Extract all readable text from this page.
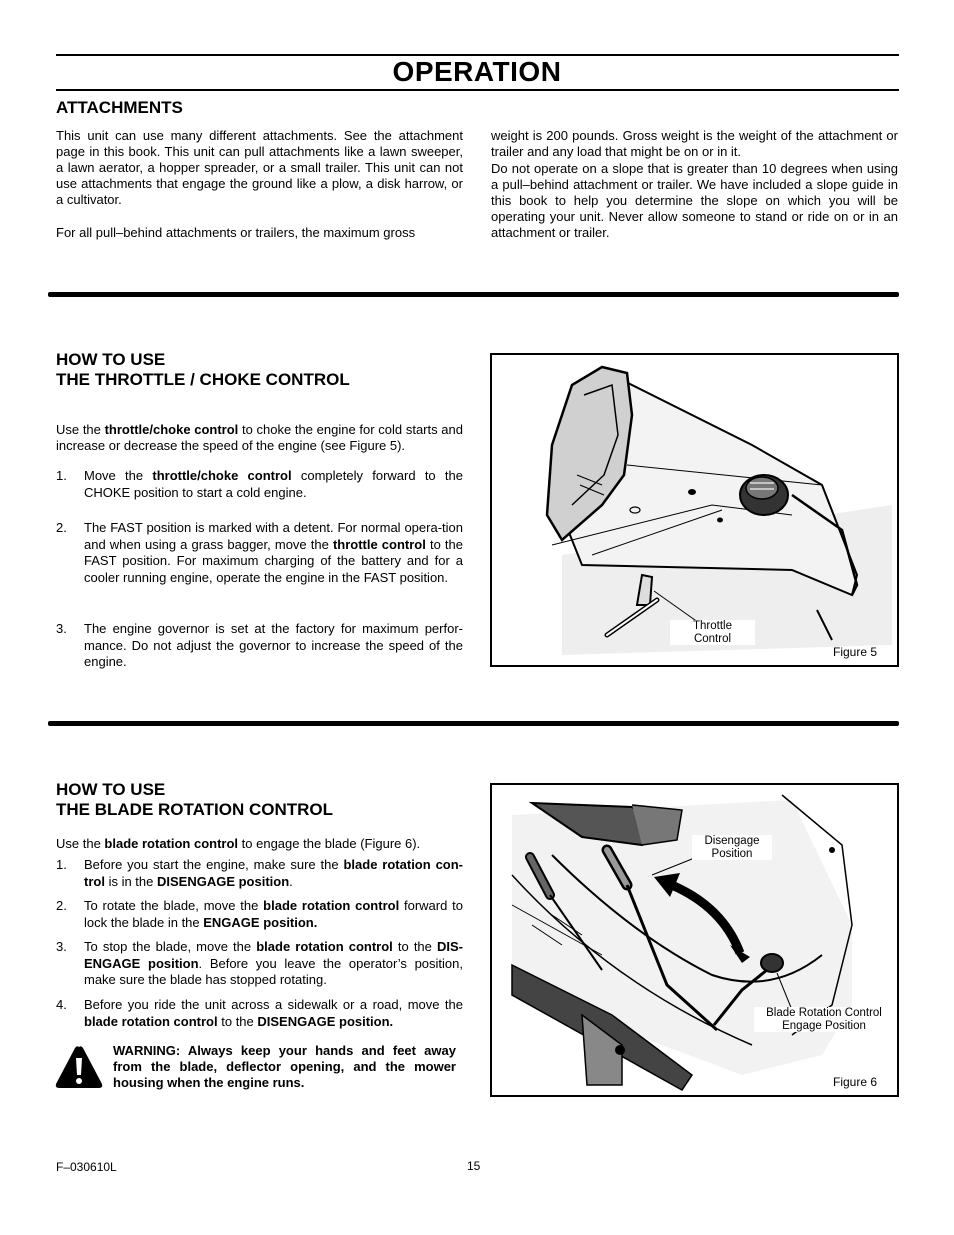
OPERATION
ATTACHMENTS

This unit can use many different attachments. See the attachment page in this book. This unit can pull attachments like a lawn sweeper, a lawn aerator, a hopper spreader, or a small trailer. This unit can not use attachments that engage the ground like a plow, a disk harrow, or a cultivator.

For all pull–behind attachments or trailers, the maximum gross

weight is 200 pounds. Gross weight is the weight of the attachment or trailer and any load that might be on or in it.

Do not operate on a slope that is greater than 10 degrees when using a pull–behind attachment or trailer. We have included a slope guide in this book to help you determine the slope on which you will be operating your unit. Never allow someone to stand or ride on or in an attachment or trailer.

HOW TO USE
THE THROTTLE / CHOKE CONTROL
Use the throttle/choke control to choke the engine for cold starts and increase or decrease the speed of the engine (see Figure 5).
1. Move the throttle/choke control completely forward to the CHOKE position to start a cold engine.
2. The FAST position is marked with a detent. For normal opera-tion and when using a grass bagger, move the throttle control to the FAST position. For maximum charging of the battery and for a cooler running engine, operate the engine in the FAST position.
3. The engine governor is set at the factory for maximum perfor-mance. Do not adjust the governor to increase the speed of the engine.
Throttle
Control
Figure 5
HOW TO USE
THE BLADE ROTATION CONTROL
Use the blade rotation control to engage the blade (Figure 6).
1. Before you start the engine, make sure the blade rotation con-trol is in the DISENGAGE position.
2. To rotate the blade, move the blade rotation control forward to lock the blade in the ENGAGE position.
3. To stop the blade, move the blade rotation control to the DIS-ENGAGE position. Before you leave the operator’s position, make sure the blade has stopped rotating.
4. Before you ride the unit across a sidewalk or a road, move the blade rotation control to the DISENGAGE position.
WARNING: Always keep your hands and feet away from the blade, deflector opening, and the mower housing when the engine runs.
Disengage
Position
Blade Rotation Control
Engage Position
Figure 6
F–030610L	15
